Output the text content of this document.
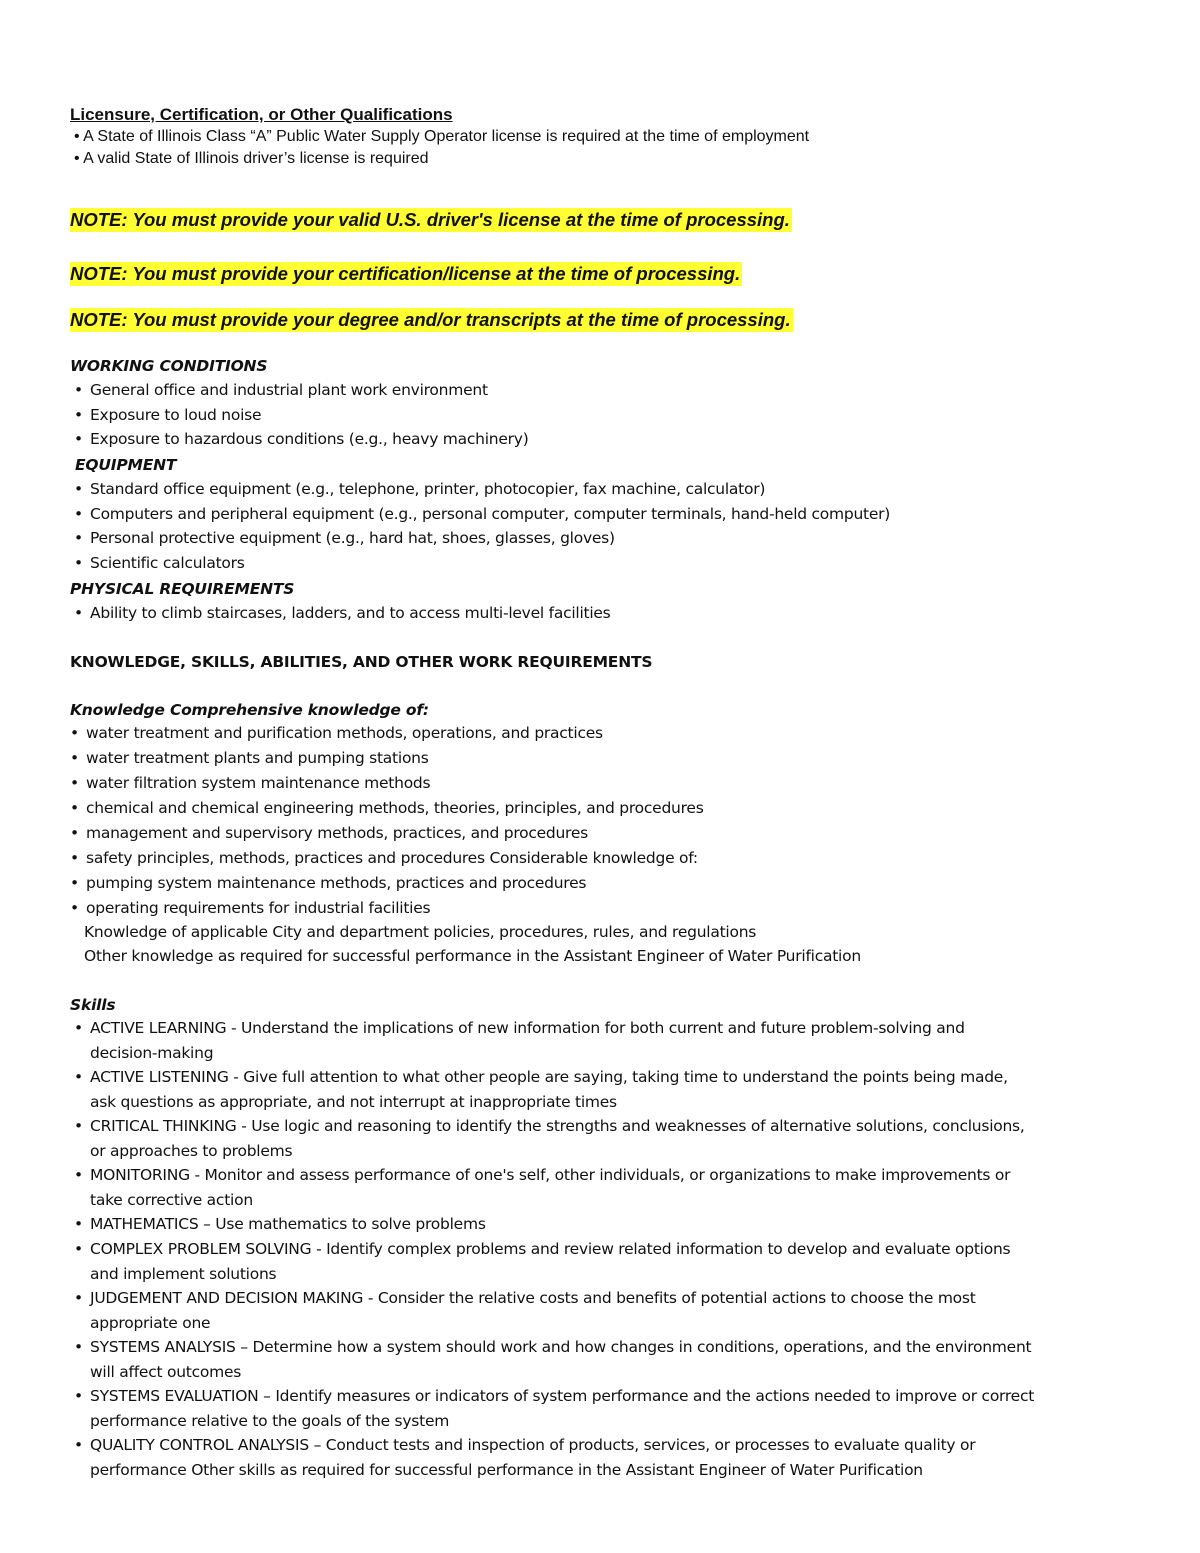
Licensure, Certification, or Other Qualifications
• A State of Illinois Class “A” Public Water Supply Operator license is required at the time of employment
• A valid State of Illinois driver’s license is required
NOTE: You must provide your valid U.S. driver's license at the time of processing.
NOTE: You must provide your certification/license at the time of processing.
NOTE: You must provide your degree and/or transcripts at the time of processing.
WORKING CONDITIONS
• General office and industrial plant work environment
• Exposure to loud noise
• Exposure to hazardous conditions (e.g., heavy machinery)
EQUIPMENT
• Standard office equipment (e.g., telephone, printer, photocopier, fax machine, calculator)
• Computers and peripheral equipment (e.g., personal computer, computer terminals, hand-held computer)
• Personal protective equipment (e.g., hard hat, shoes, glasses, gloves)
• Scientific calculators
PHYSICAL REQUIREMENTS
• Ability to climb staircases, ladders, and to access multi-level facilities
KNOWLEDGE, SKILLS, ABILITIES, AND OTHER WORK REQUIREMENTS
Knowledge Comprehensive knowledge of:
• water treatment and purification methods, operations, and practices
• water treatment plants and pumping stations
• water filtration system maintenance methods
• chemical and chemical engineering methods, theories, principles, and procedures
• management and supervisory methods, practices, and procedures
• safety principles, methods, practices and procedures Considerable knowledge of:
• pumping system maintenance methods, practices and procedures
• operating requirements for industrial facilities
Knowledge of applicable City and department policies, procedures, rules, and regulations
Other knowledge as required for successful performance in the Assistant Engineer of Water Purification
Skills
• ACTIVE LEARNING - Understand the implications of new information for both current and future problem-solving and
decision-making
• ACTIVE LISTENING - Give full attention to what other people are saying, taking time to understand the points being made,
ask questions as appropriate, and not interrupt at inappropriate times
• CRITICAL THINKING - Use logic and reasoning to identify the strengths and weaknesses of alternative solutions, conclusions,
or approaches to problems
• MONITORING - Monitor and assess performance of one's self, other individuals, or organizations to make improvements or
take corrective action
• MATHEMATICS – Use mathematics to solve problems
• COMPLEX PROBLEM SOLVING - Identify complex problems and review related information to develop and evaluate options
and implement solutions
• JUDGEMENT AND DECISION MAKING - Consider the relative costs and benefits of potential actions to choose the most
appropriate one
• SYSTEMS ANALYSIS – Determine how a system should work and how changes in conditions, operations, and the environment
will affect outcomes
• SYSTEMS EVALUATION – Identify measures or indicators of system performance and the actions needed to improve or correct
performance relative to the goals of the system
• QUALITY CONTROL ANALYSIS – Conduct tests and inspection of products, services, or processes to evaluate quality or
performance Other skills as required for successful performance in the Assistant Engineer of Water Purification
